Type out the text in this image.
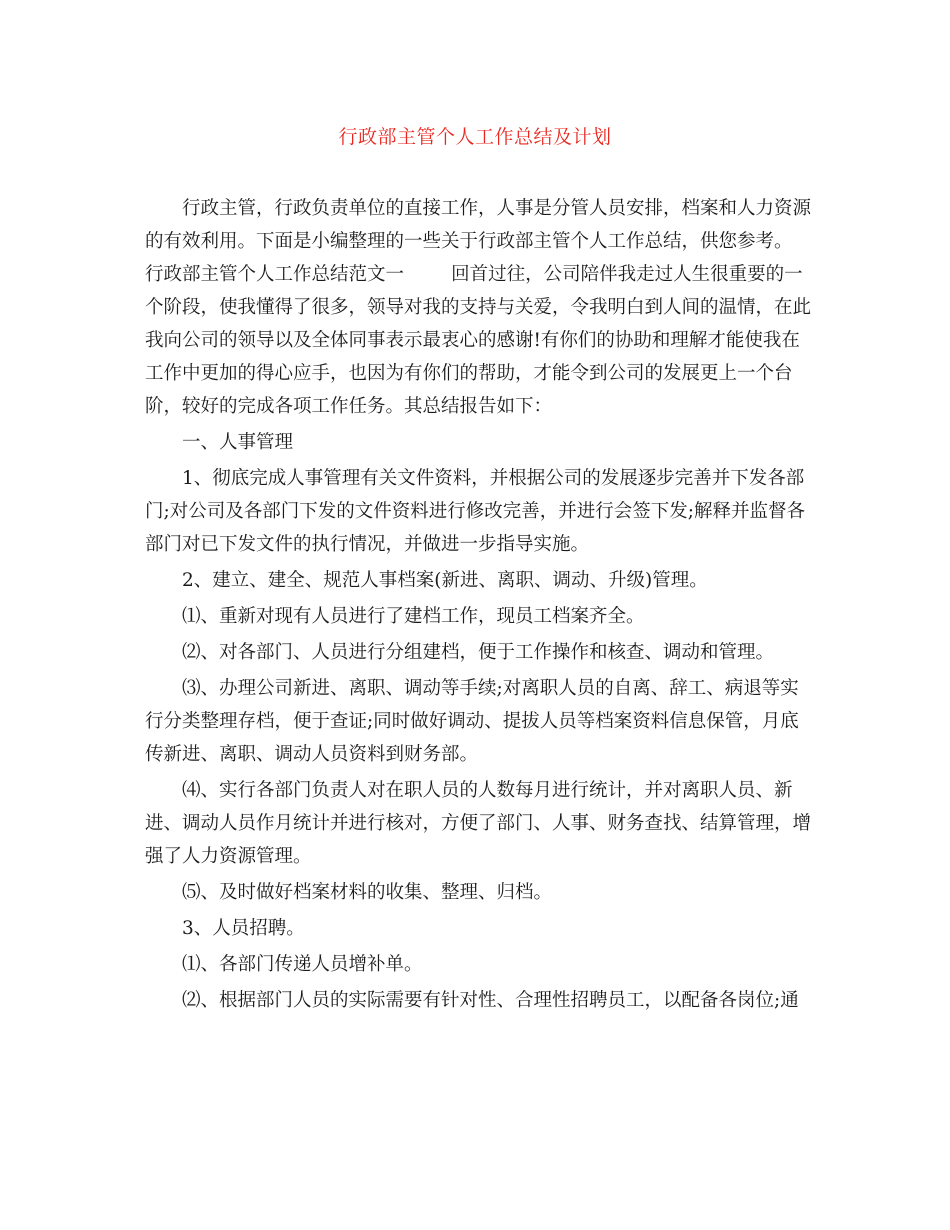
行政部主管个人工作总结及计划

行政主管，行政负责单位的直接工作，人事是分管人员安排，档案和人力资源的有效利用。下面是小编整理的一些关于行政部主管个人工作总结，供您参考。

行政部主管个人工作总结范文一	回首过往，公司陪伴我走过人生很重要的一个阶段，使我懂得了很多，领导对我的支持与关爱，令我明白到人间的温情，在此我向公司的领导以及全体同事表示最衷心的感谢!有你们的协助和理解才能使我在工作中更加的得心应手，也因为有你们的帮助，才能令到公司的发展更上一个台阶，较好的完成各项工作任务。其总结报告如下：

一、人事管理

1、彻底完成人事管理有关文件资料，并根据公司的发展逐步完善并下发各部门;对公司及各部门下发的文件资料进行修改完善，并进行会签下发;解释并监督各部门对已下发文件的执行情况，并做进一步指导实施。

2、建立、建全、规范人事档案(新进、离职、调动、升级)管理。

⑴、重新对现有人员进行了建档工作，现员工档案齐全。

⑵、对各部门、人员进行分组建档，便于工作操作和核查、调动和管理。

⑶、办理公司新进、离职、调动等手续;对离职人员的自离、辞工、病退等实行分类整理存档，便于查证;同时做好调动、提拔人员等档案资料信息保管，月底传新进、离职、调动人员资料到财务部。

⑷、实行各部门负责人对在职人员的人数每月进行统计，并对离职人员、新进、调动人员作月统计并进行核对，方便了部门、人事、财务查找、结算管理，增强了人力资源管理。

⑸、及时做好档案材料的收集、整理、归档。

3、人员招聘。

⑴、各部门传递人员增补单。

⑵、根据部门人员的实际需要有针对性、合理性招聘员工，以配备各岗位;通
